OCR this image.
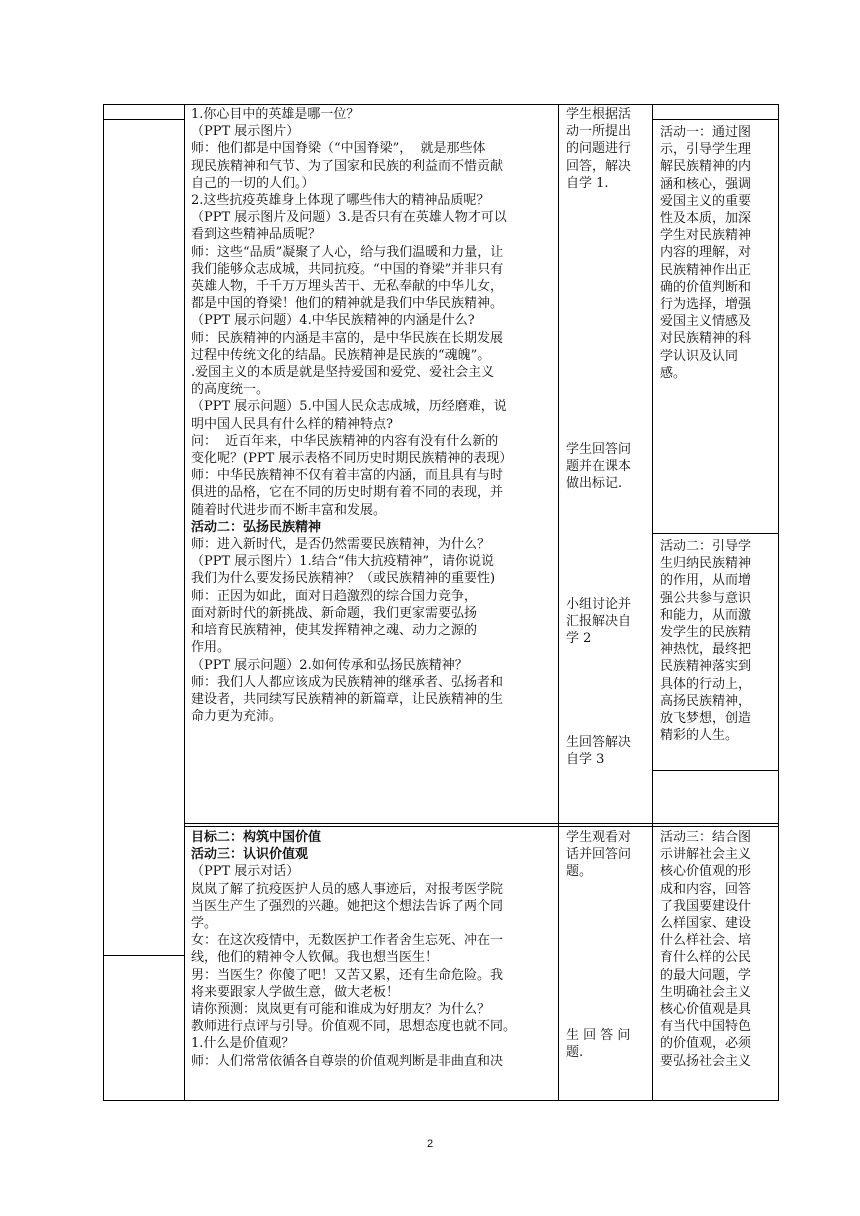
1.你心目中的英雄是哪一位？

（PPT 展示图片）

师：他们都是中国脊梁（“中国脊梁”，  就是那些体

现民族精神和气节、为了国家和民族的利益而不惜贡献

自己的一切的人们。）

2.这些抗疫英雄身上体现了哪些伟大的精神品质呢？

（PPT 展示图片及问题）3.是否只有在英雄人物才可以

看到这些精神品质呢？

师：这些“品质”凝聚了人心，给与我们温暖和力量，让

我们能够众志成城，共同抗疫。“中国的脊梁”并非只有

英雄人物，千千万万埋头苦干、无私奉献的中华儿女，

都是中国的脊梁！他们的精神就是我们中华民族精神。

（PPT 展示问题）4.中华民族精神的内涵是什么?

师：民族精神的内涵是丰富的，是中华民族在长期发展

过程中传统文化的结晶。民族精神是民族的“魂魄”。

.爱国主义的本质是就是坚持爱国和爱党、爱社会主义

的高度统一。

（PPT 展示问题）5.中国人民众志成城，历经磨难，说

明中国人民具有什么样的精神特点?

问：  近百年来，中华民族精神的内容有没有什么新的

变化呢？(PPT 展示表格不同历史时期民族精神的表现）

师：中华民族精神不仅有着丰富的内涵，而且具有与时

俱进的品格，它在不同的历史时期有着不同的表现，并

随着时代进步而不断丰富和发展。

活动二：弘扬民族精神

师：进入新时代，是否仍然需要民族精神，为什么？

（PPT 展示图片）1.结合“伟大抗疫精神”，请你说说

我们为什么要发扬民族精神？（或民族精神的重要性)

师：正因为如此，面对日趋激烈的综合国力竞争，

面对新时代的新挑战、新命题，我们更家需要弘扬

和培育民族精神，使其发挥精神之魂、动力之源的

作用。

（PPT 展示问题）2.如何传承和弘扬民族精神？

师：我们人人都应该成为民族精神的继承者、弘扬者和

建设者，共同续写民族精神的新篇章，让民族精神的生

命力更为充沛。

学生根据活

动一所提出

的问题进行

回答，解决

自学 1.

学生回答问

题并在课本

做出标记.

小组讨论并

汇报解决自

学 2

生回答解决

自学 3

活动一：通过图

示，引导学生理

解民族精神的内

涵和核心，强调

爱国主义的重要

性及本质，加深

学生对民族精神

内容的理解，对

民族精神作出正

确的价值判断和

行为选择，增强

爱国主义情感及

对民族精神的科

学认识及认同

感。

活动二：引导学

生归纳民族精神

的作用，从而增

强公共参与意识

和能力，从而激

发学生的民族精

神热忱，最终把

民族精神落实到

具体的行动上，

高扬民族精神，

放飞梦想，创造

精彩的人生。

目标二：构筑中国价值

活动三：认识价值观

（PPT 展示对话）

岚岚了解了抗疫医护人员的感人事迹后，对报考医学院

当医生产生了强烈的兴趣。她把这个想法告诉了两个同

学。

女：在这次疫情中，无数医护工作者舍生忘死、冲在一

线，他们的精神令人钦佩。我也想当医生！

男：当医生？你傻了吧！又苦又累，还有生命危险。我

将来要跟家人学做生意，做大老板！

请你预测：岚岚更有可能和谁成为好朋友？为什么？

教师进行点评与引导。价值观不同，思想态度也就不同。

1.什么是价值观？

师：人们常常依循各自尊崇的价值观判断是非曲直和决

学生观看对

话并回答问

题。

生 回 答 问

题.

活动三：结合图

示讲解社会主义

核心价值观的形

成和内容，回答

了我国要建设什

么样国家、建设

什么样社会、培

育什么样的公民

的最大问题，学

生明确社会主义

核心价值观是具

有当代中国特色

的价值观，必须

要弘扬社会主义

2
